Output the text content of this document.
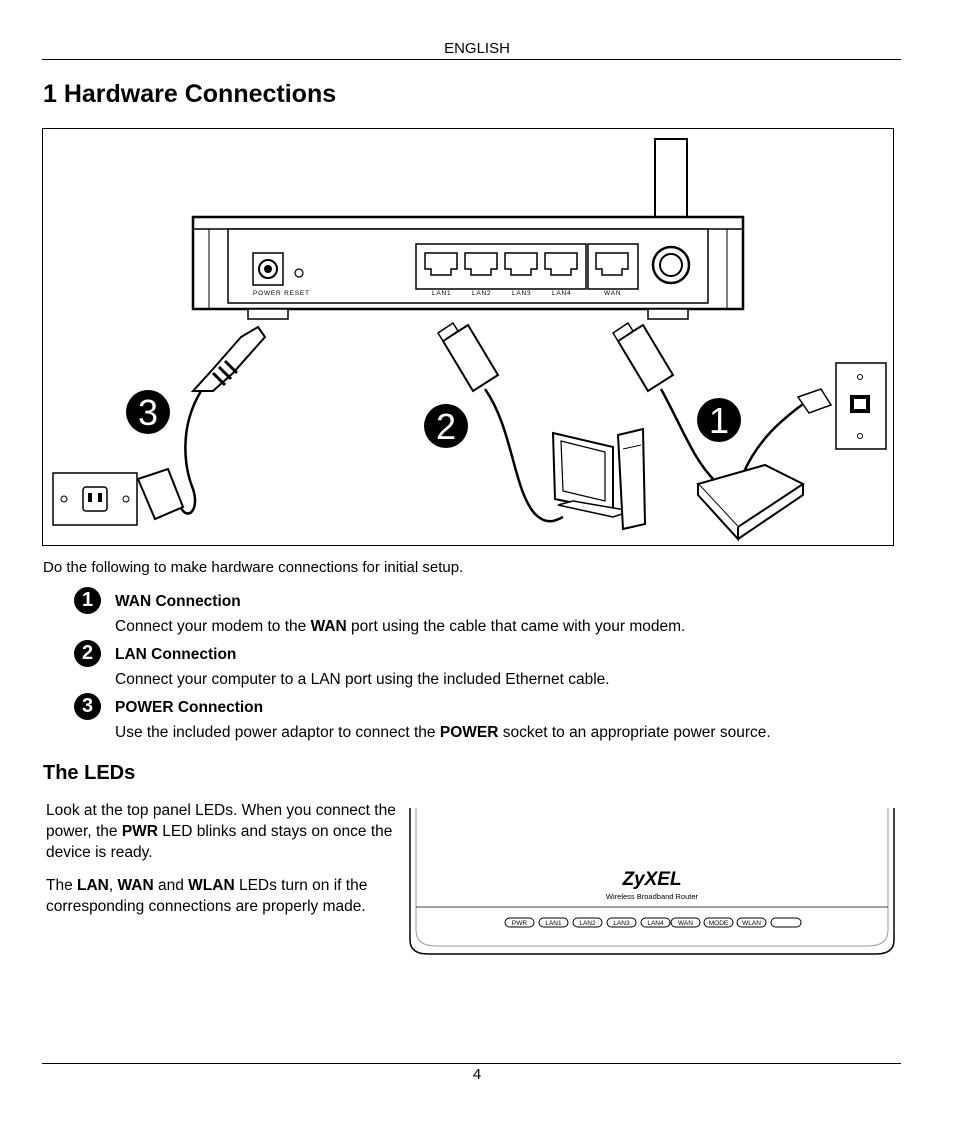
ENGLISH
1 Hardware Connections
POWER RESET	LAN1	LAN2	LAN3	LAN4	WAN
3	2	1
Do the following to make hardware connections for initial setup.
1	WAN Connection
Connect your modem to the WAN port using the cable that came with your modem.
2	LAN Connection
Connect your computer to a LAN port using the included Ethernet cable.
3	POWER Connection
Use the included power adaptor to connect the POWER socket to an appropriate power source.
The LEDs

Look at the top panel LEDs. When you connect the power, the PWR LED blinks and stays on once the device is ready.

The LAN, WAN and WLAN LEDs turn on if the corresponding connections are properly made.

ZyXEL
Wireless Broadband Router
PWR	LAN1	LAN2	LAN3	LAN4 WAN MODE WLAN
4
